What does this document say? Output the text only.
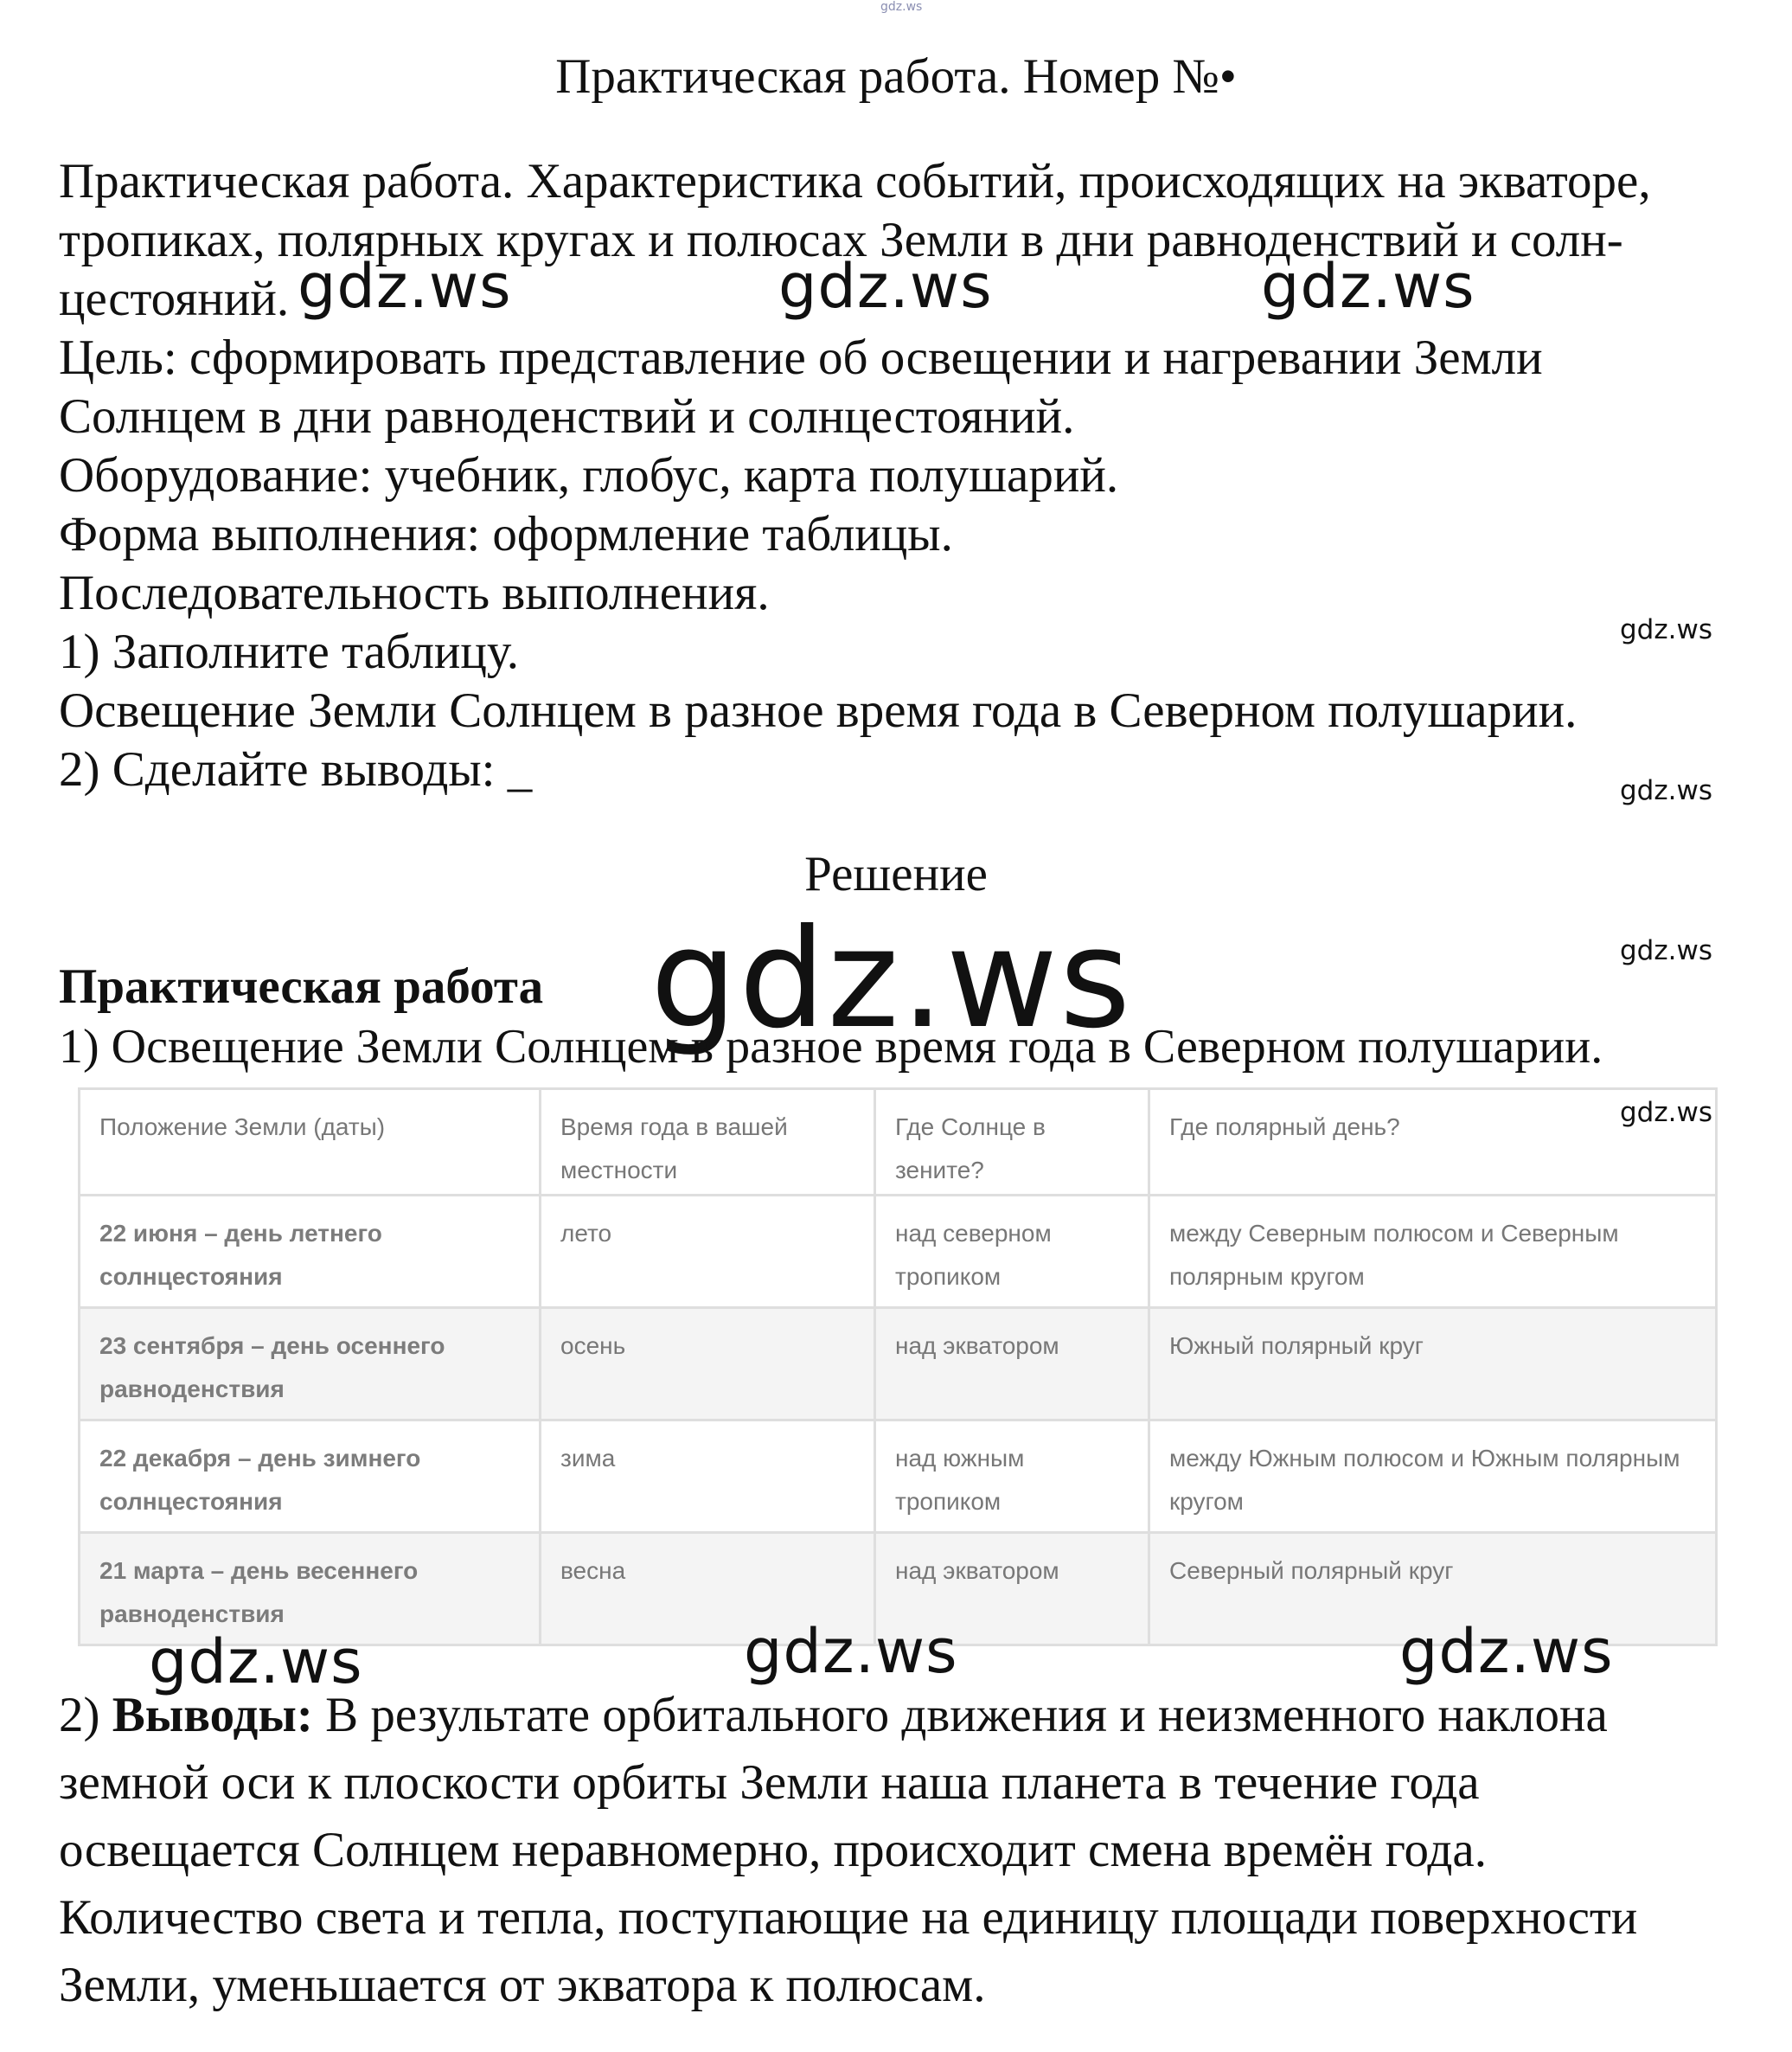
gdz.ws
Практическая работа. Номер №•
Практическая работа. Характеристика событий, происходящих на экваторе,
тропиках, полярных кругах и полюсах Земли в дни равноденствий и солн-
цестояний.
Цель: сформировать представление об освещении и нагревании Земли
Солнцем в дни равноденствий и солнцестояний.
Оборудование: учебник, глобус, карта полушарий.
Форма выполнения: оформление таблицы.
Последовательность выполнения.
1) Заполните таблицу.
Освещение Земли Солнцем в разное время года в Северном полушарии.
2) Сделайте выводы: _
gdz.ws	gdz.ws	gdz.ws
gdz.ws
gdz.ws
gdz.ws
gdz.ws
Решение
gdz.ws
Практическая работа
1) Освещение Земли Солнцем в разное время года в Северном полушарии.
Положение Земли (даты)	Время года в вашей местности	Где Солнце в зените?	Где полярный день?
22 июня – день летнего солнцестояния	лето	над северном тропиком	между Северным полюсом и Северным полярным кругом
23 сентября – день осеннего равноденствия	осень	над экватором	Южный полярный круг
22 декабря – день зимнего солнцестояния	зима	над южным тропиком	между Южным полюсом и Южным полярным кругом
21 марта – день весеннего равноденствия	весна	над экватором	Северный полярный круг
gdz.ws	gdz.ws	gdz.ws
2) Выводы: В результате орбитального движения и неизменного наклона
земной оси к плоскости орбиты Земли наша планета в течение года
освещается Солнцем неравномерно, происходит смена времён года.
Количество света и тепла, поступающие на единицу площади поверхности
Земли, уменьшается от экватора к полюсам.
